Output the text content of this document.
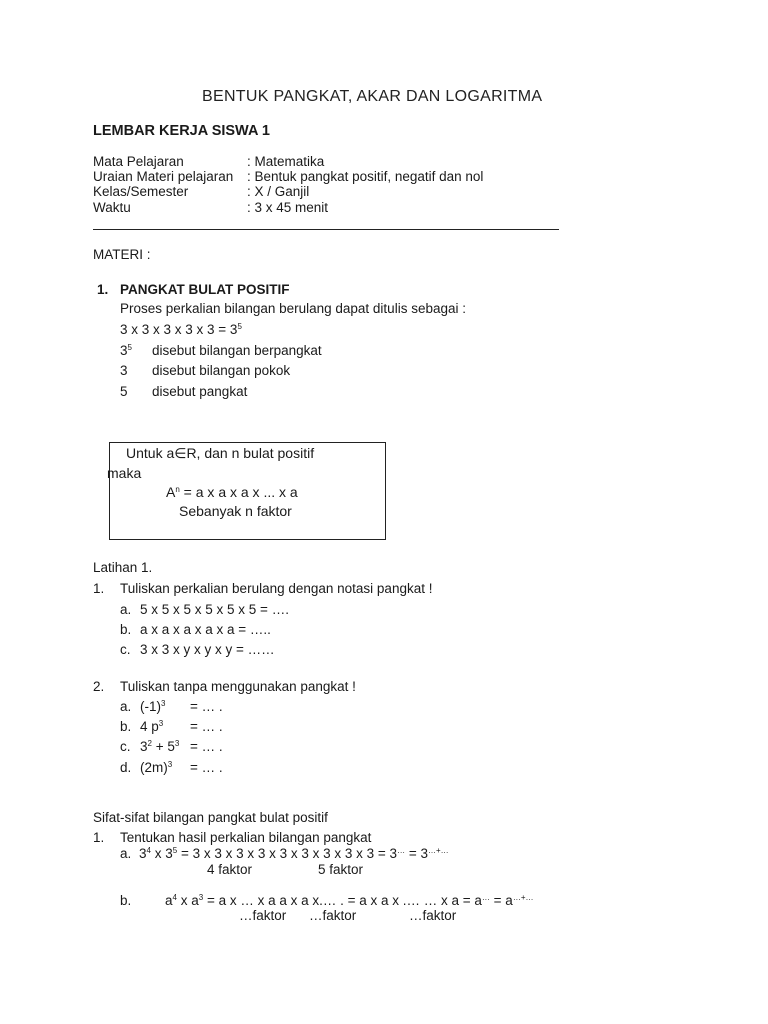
BENTUK PANGKAT, AKAR DAN LOGARITMA
LEMBAR KERJA SISWA 1
Mata Pelajaran	: Matematika
Uraian Materi pelajaran : Bentuk pangkat positif, negatif dan nol
Kelas/Semester	: X / Ganjil
Waktu	: 3 x 45 menit
MATERI :
1. PANGKAT BULAT POSITIF
Proses perkalian bilangan berulang dapat ditulis sebagai :
3 x 3 x 3 x 3 x $3 = 3^5$
$3^5$ disebut bilangan berpangkat
3 disebut bilangan pokok
5 disebut pangkat
Untuk a∈R, dan n bulat positif
maka
$A^n = a$ x a x a x ... x a
Sebanyak n faktor
Latihan 1.
1. Tuliskan perkalian berulang dengan notasi pangkat !
a. 5 x 5 x 5 x 5 x 5 x 5 = ….
b. a x a x a x a x a = …..
c. 3 x 3 x y x y x y = ……
2. Tuliskan tanpa menggunakan pangkat !
a. $(-1)^3$ = … .
b. 4 $p^3$ = … .
c. $3^2 + 5^3$ = … .
d. $(2m)^3$ = … .
Sifat-sifat bilangan pangkat bulat positif
1. Tentukan hasil perkalian bilangan pangkat
a. $3^4$ x $3^5 = 3$ x 3 x 3 x 3 x 3 x 3 x 3 x 3 x 3 = 3… = 3…+…
4 faktor	5 faktor
b. $a^4$ x $a^3 = a$ x … x a a x a x.… . = a x a x .… … x a = a… = a…+…
…faktor …faktor	…faktor
